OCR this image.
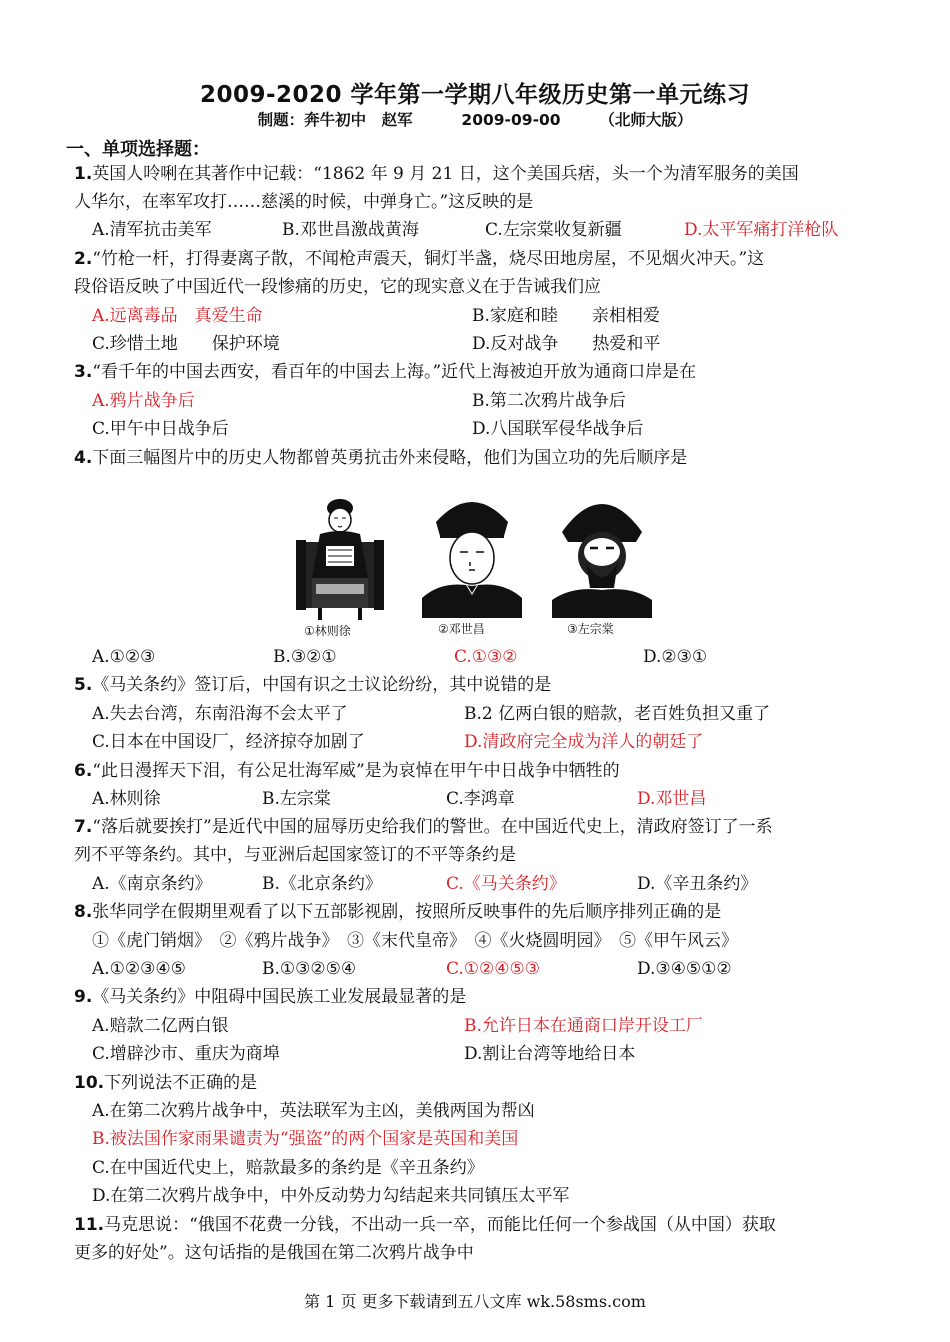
2009-2020 学年第一学期八年级历史第一单元练习
制题：奔牛初中　赵军	2009-09-00	（北师大版）
一、单项选择题：
1.英国人呤唎在其著作中记载：“1862 年 9 月 21 日，这个美国兵痞，头一个为清军服务的美国
人华尔，在率军攻打……慈溪的时候，中弹身亡。”这反映的是
A.清军抗击美军	B.邓世昌激战黄海	C.左宗棠收复新疆	D.太平军痛打洋枪队
2.“竹枪一杆，打得妻离子散，不闻枪声震天，铜灯半盏，烧尽田地房屋，不见烟火冲天。”这
段俗语反映了中国近代一段惨痛的历史，它的现实意义在于告诫我们应
A.远离毒品　真爱生命	B.家庭和睦　　亲相相爱
C.珍惜土地　　保护环境	D.反对战争　　热爱和平
3.“看千年的中国去西安，看百年的中国去上海。”近代上海被迫开放为通商口岸是在
A.鸦片战争后	B.第二次鸦片战争后
C.甲午中日战争后	D.八国联军侵华战争后
4.下面三幅图片中的历史人物都曾英勇抗击外来侵略，他们为国立功的先后顺序是
①林则徐	②邓世昌	③左宗棠
A.①②③	B.③②①	C.①③②	D.②③①
5.《马关条约》签订后，中国有识之士议论纷纷，其中说错的是
A.失去台湾，东南沿海不会太平了	B.2 亿两白银的赔款，老百姓负担又重了
C.日本在中国设厂，经济掠夺加剧了	D.清政府完全成为洋人的朝廷了
6.“此日漫挥天下泪，有公足壮海军威”是为哀悼在甲午中日战争中牺牲的
A.林则徐	B.左宗棠	C.李鸿章	D.邓世昌
7.“落后就要挨打”是近代中国的屈辱历史给我们的警世。在中国近代史上，清政府签订了一系
列不平等条约。其中，与亚洲后起国家签订的不平等条约是
A.《南京条约》	B.《北京条约》	C.《马关条约》	D.《辛丑条约》
8.张华同学在假期里观看了以下五部影视剧，按照所反映事件的先后顺序排列正确的是
①《虎门销烟》　②《鸦片战争》　③《末代皇帝》　④《火烧圆明园》　⑤《甲午风云》
A.①②③④⑤	B.①③②⑤④	C.①②④⑤③	D.③④⑤①②
9.《马关条约》中阻碍中国民族工业发展最显著的是
A.赔款二亿两白银	B.允许日本在通商口岸开设工厂
C.增辟沙市、重庆为商埠	D.割让台湾等地给日本
10.下列说法不正确的是
A.在第二次鸦片战争中，英法联军为主凶，美俄两国为帮凶
B.被法国作家雨果谴责为“强盗”的两个国家是英国和美国
C.在中国近代史上，赔款最多的条约是《辛丑条约》
D.在第二次鸦片战争中，中外反动势力勾结起来共同镇压太平军
11.马克思说：“俄国不花费一分钱，不出动一兵一卒，而能比任何一个参战国（从中国）获取
更多的好处”。这句话指的是俄国在第二次鸦片战争中
第 1 页 更多下载请到五八文库 wk.58sms.com
